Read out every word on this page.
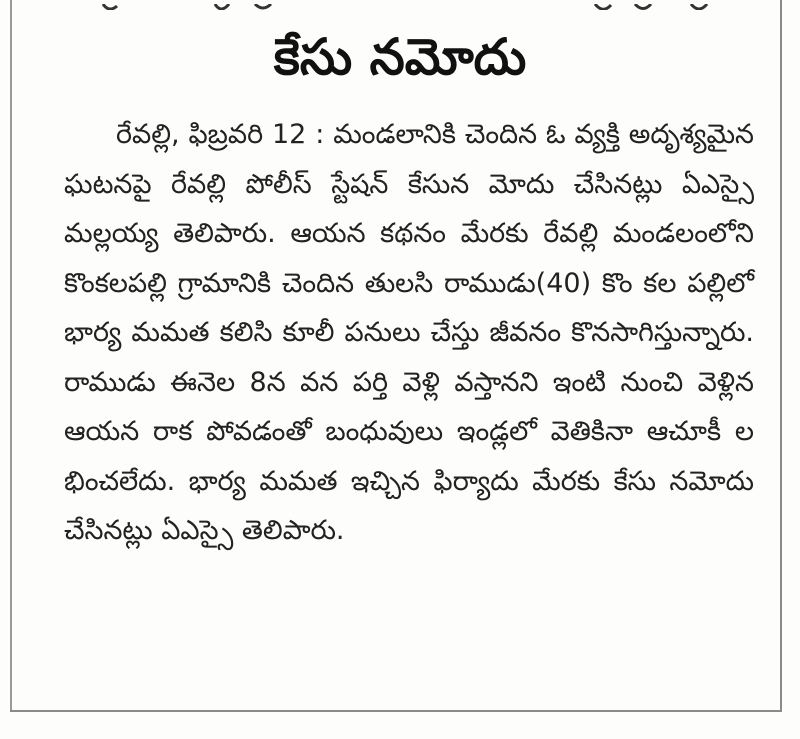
కేసు నమోదు

రేవల్లి, ఫిబ్రవరి 12 : మండలానికి చెందిన ఓ వ్యక్తి అదృశ్యమైన ఘటనపై రేవల్లి పోలీస్ స్టేషన్ కేసున మోదు చేసినట్లు ఏఎస్సై మల్లయ్య తెలిపారు. ఆయన కథనం మేరకు రేవల్లి మండలంలోని కొంకలపల్లి గ్రామానికి చెందిన తులసి రాముడు(40) కొం కల పల్లిలో భార్య మమత కలిసి కూలీ పనులు చేస్తు జీవనం కొనసాగిస్తున్నారు. రాముడు ఈనెల 8న వన పర్తి వెళ్లి వస్తానని ఇంటి నుంచి వెళ్లిన ఆయన రాక పోవడంతో బంధువులు ఇండ్లలో వెతికినా ఆచూకీ ల భించలేదు. భార్య మమత ఇచ్చిన ఫిర్యాదు మేరకు కేసు నమోదు చేసినట్లు ఏఎస్సై తెలిపారు.
